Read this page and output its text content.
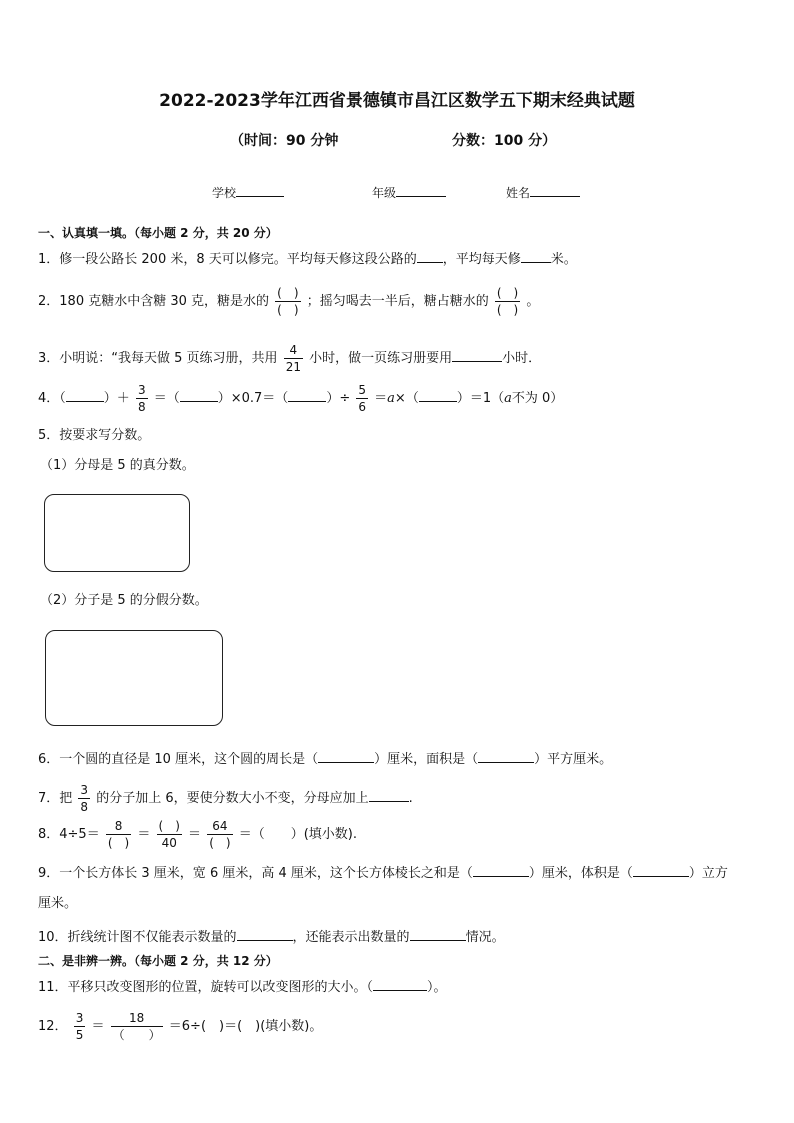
2022-2023学年江西省景德镇市昌江区数学五下期末经典试题
（时间：90 分钟	分数：100 分）
学校	年级	姓名
一、认真填一填。（每小题 2 分，共 20 分）
1．修一段公路长 200 米，8 天可以修完。平均每天修这段公路的 ，平均每天修 米。
2．180 克糖水中含糖 30 克，糖是水的 $\frac{( )}{( )}$ ；摇匀喝去一半后，糖占糖水的 $\frac{( )}{( )}$ 。
3．小明说：“我每天做 5 页练习册，共用 $\frac{4}{21}$ 小时，做一页练习册要用	小时．
4．（	）＋ $\frac{3}{8}$ ＝（	）×0.7＝（	）÷ $\frac{5}{6} =a\times$（	）＝1（a不为 0）
5．按要求写分数。
（1）分母是 5 的真分数。
（2）分子是 5 的分假分数。
6．一个圆的直径是 10 厘米，这个圆的周长是（	）厘米，面积是（	）平方厘米。
7．把 $\frac{3}{8}$ 的分子加上 6，要使分数大小不变，分母应加上	.
8．$4\div 5= \frac{8}{( )} = \frac{( )}{40} = \frac{64}{( )}$ ＝（　　）(填小数).
9．一个长方体长 3 厘米，宽 6 厘米，高 4 厘米，这个长方体棱长之和是（	）厘米，体积是（	）立方
厘米。
10．折线统计图不仅能表示数量的	，还能表示出数量的	情况。
二、是非辨一辨。（每小题 2 分，共 12 分）
11．平移只改变图形的位置，旋转可以改变图形的大小。（	）。
12． $\frac{3}{5} = \frac{18}{( )} =6\div$(　)＝(　)(填小数)。
